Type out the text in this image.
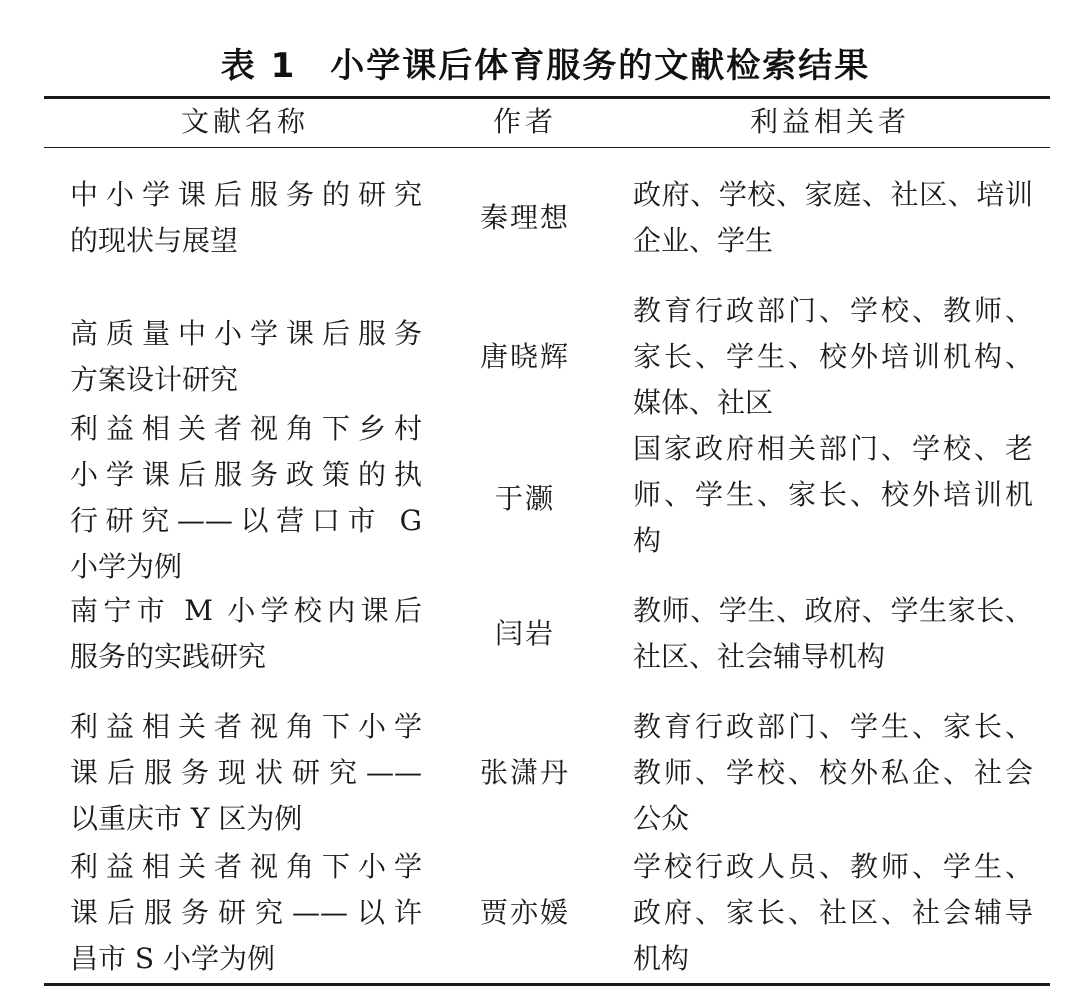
表 1 小学课后体育服务的文献检索结果
文献名称	作者	利益相关者
中小学课后服务的研究
的现状与展望
秦理想
政府、学校、家庭、社区、培训
企业、学生
高质量中小学课后服务
方案设计研究
唐晓辉
教育行政部门、学校、教师、
家长、学生、校外培训机构、
媒体、社区
利益相关者视角下乡村
小学课后服务政策的执
行研究——以营口市 G
小学为例
于灏
国家政府相关部门、学校、老
师、学生、家长、校外培训机
构
南宁市 M 小学校内课后
服务的实践研究
闫岩
教师、学生、政府、学生家长、
社区、社会辅导机构
利益相关者视角下小学
课后服务现状研究——
以重庆市 Y 区为例
张潇丹
教育行政部门、学生、家长、
教师、学校、校外私企、社会
公众
利益相关者视角下小学
课后服务研究——以许
昌市 S 小学为例
贾亦媛
学校行政人员、教师、学生、
政府、家长、社区、社会辅导
机构
